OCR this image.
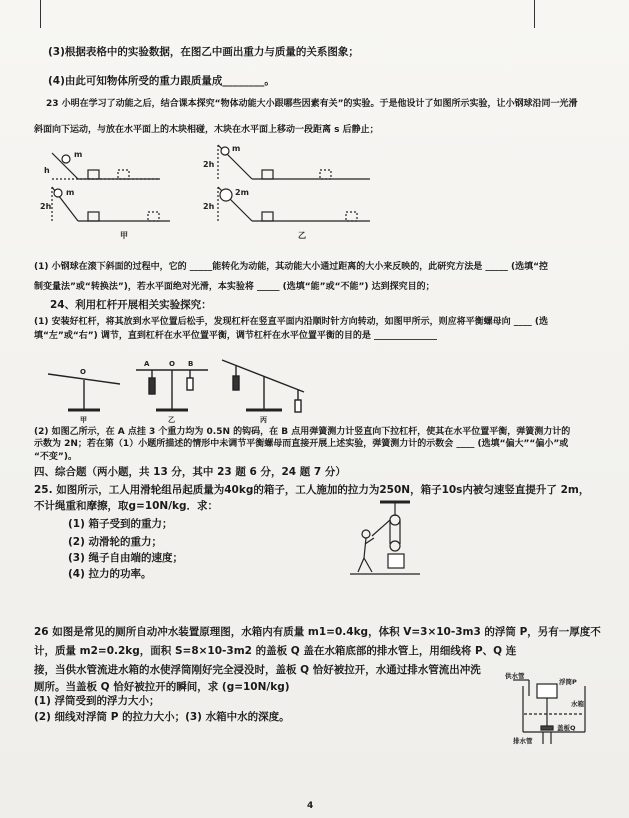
(3)根据表格中的实验数据，在图乙中画出重力与质量的关系图象；
(4)由此可知物体所受的重力跟质量成________。
23 小明在学习了动能之后，结合课本探究“物体动能大小跟哪些因素有关”的实验。于是他设计了如图所示实验，让小钢球沿同一光滑
斜面向下运动，与放在水平面上的木块相碰，木块在水平面上移动一段距离 s 后静止；
m
h
m
2h
m
2h
2m
2h
甲	乙
(1) 小钢球在滚下斜面的过程中，它的 _____能转化为动能，其动能大小通过距离的大小来反映的，此研究方法是 _____ (选填“控
制变量法”或“转换法”)，若水平面绝对光滑，本实验将 _____ (选填“能”或“不能”) 达到探究目的；
24、利用杠杆开展相关实验探究：
(1) 安装好杠杆，将其放到水平位置后松手，发现杠杆在竖直平面内沿顺时针方向转动，如图甲所示，则应将平衡螺母向 ____ (选
填“左”或“右”) 调节，直到杠杆在水平位置平衡，调节杠杆在水平位置平衡的目的是 ______________
O
A	O B
甲	乙	丙
(2) 如图乙所示，在 A 点挂 3 个重力均为 0.5N 的钩码，在 B 点用弹簧测力计竖直向下拉杠杆，使其在水平位置平衡，弹簧测力计的
示数为 2N；若在第（1）小题所描述的情形中未调节平衡螺母而直接开展上述实验，弹簧测力计的示数会 ____ (选填“偏大”“偏小”或
“不变”)。
四、综合题（两小题，共 13 分，其中 23 题 6 分，24 题 7 分）
25. 如图所示，工人用滑轮组吊起质量为40kg的箱子，工人施加的拉力为250N，箱子10s内被匀速竖直提升了 2m，
不计绳重和摩擦，取g=10N/kg．求：
(1) 箱子受到的重力；
(2) 动滑轮的重力；
(3) 绳子自由端的速度；
(4) 拉力的功率。
26 如图是常见的厕所自动冲水装置原理图，水箱内有质量 m1=0.4kg，体积 V=3×10-3m3 的浮筒 P，另有一厚度不
计，质量 m2=0.2kg，面积 S=8×10-3m2 的盖板 Q 盖在水箱底部的排水管上，用细线将 P、Q 连
接，当供水管流进水箱的水使浮筒刚好完全浸没时，盖板 Q 恰好被拉开，水通过排水管流出冲洗
厕所。当盖板 Q 恰好被拉开的瞬间，求 (g=10N/kg)
(1) 浮筒受到的浮力大小；
(2) 细线对浮筒 P 的拉力大小；(3) 水箱中水的深度。
供水管
浮筒P
水箱
盖板Q
排水管
4
